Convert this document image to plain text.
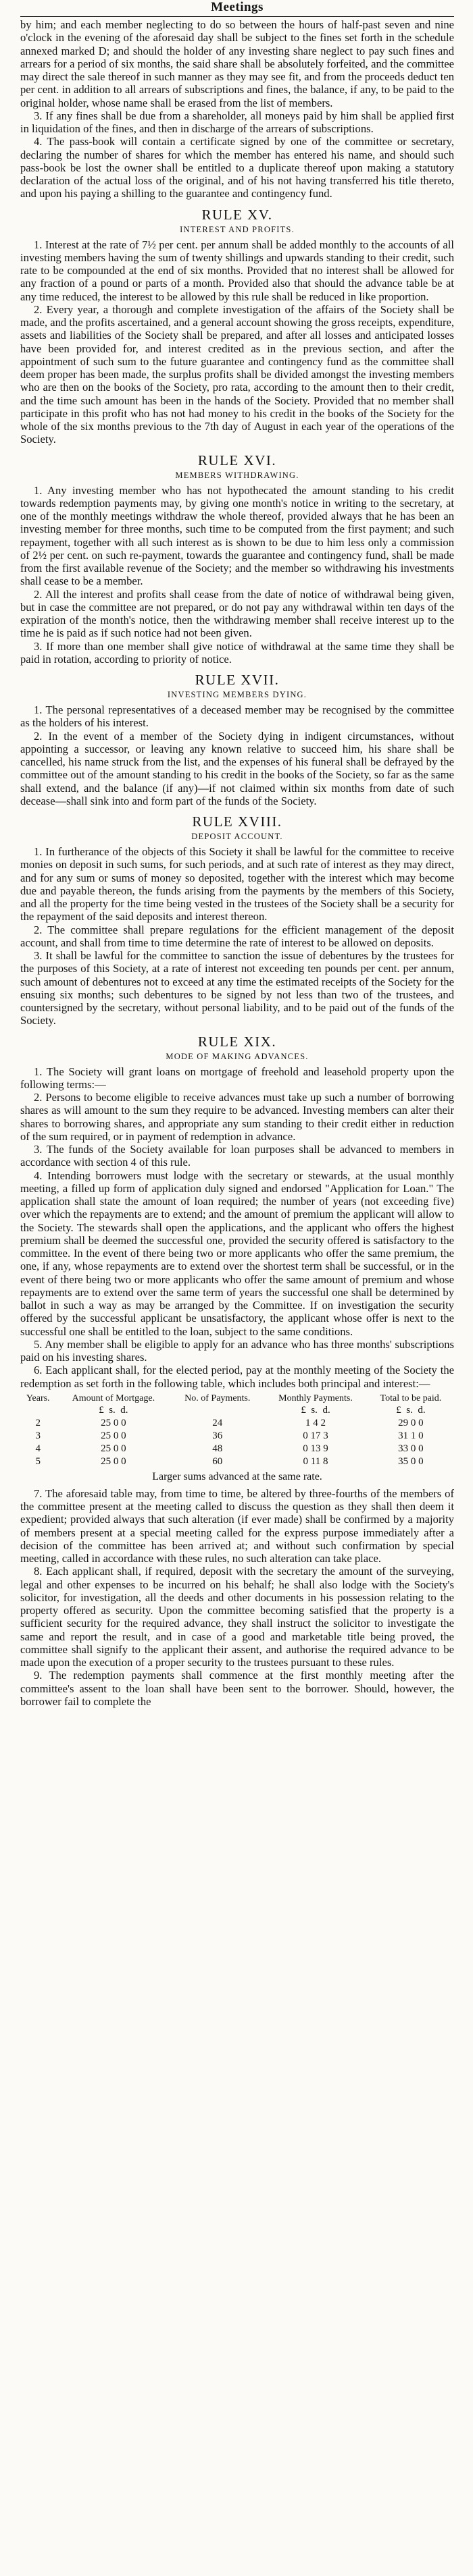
Meetings

by him; and each member neglecting to do so between the hours of half-past seven and nine o'clock in the evening of the aforesaid day shall be subject to the fines set forth in the schedule annexed marked D; and should the holder of any investing share neglect to pay such fines and arrears for a period of six months, the said share shall be absolutely forfeited, and the committee may direct the sale thereof in such manner as they may see fit, and from the proceeds deduct ten per cent. in addition to all arrears of subscriptions and fines, the balance, if any, to be paid to the original holder, whose name shall be erased from the list of members.

3. If any fines shall be due from a shareholder, all moneys paid by him shall be applied first in liquidation of the fines, and then in discharge of the arrears of subscriptions.

4. The pass-book will contain a certificate signed by one of the committee or secretary, declaring the number of shares for which the member has entered his name, and should such pass-book be lost the owner shall be entitled to a duplicate thereof upon making a statutory declaration of the actual loss of the original, and of his not having transferred his title thereto, and upon his paying a shilling to the guarantee and contingency fund.

RULE XV.
INTEREST AND PROFITS.

1. Interest at the rate of 7½ per cent. per annum shall be added monthly to the accounts of all investing members having the sum of twenty shillings and upwards standing to their credit, such rate to be compounded at the end of six months. Provided that no interest shall be allowed for any fraction of a pound or parts of a month. Provided also that should the advance table be at any time reduced, the interest to be allowed by this rule shall be reduced in like proportion.

2. Every year, a thorough and complete investigation of the affairs of the Society shall be made, and the profits ascertained, and a general account showing the gross receipts, expenditure, assets and liabilities of the Society shall be prepared, and after all losses and anticipated losses have been provided for, and interest credited as in the previous section, and after the appointment of such sum to the future guarantee and contingency fund as the committee shall deem proper has been made, the surplus profits shall be divided amongst the investing members who are then on the books of the Society, pro rata, according to the amount then to their credit, and the time such amount has been in the hands of the Society. Provided that no member shall participate in this profit who has not had money to his credit in the books of the Society for the whole of the six months previous to the 7th day of August in each year of the operations of the Society.

RULE XVI.
MEMBERS WITHDRAWING.

1. Any investing member who has not hypothecated the amount standing to his credit towards redemption payments may, by giving one month's notice in writing to the secretary, at one of the monthly meetings withdraw the whole thereof, provided always that he has been an investing member for three months, such time to be computed from the first payment; and such repayment, together with all such interest as is shown to be due to him less only a commission of 2½ per cent. on such re-payment, towards the guarantee and contingency fund, shall be made from the first available revenue of the Society; and the member so withdrawing his investments shall cease to be a member.

2. All the interest and profits shall cease from the date of notice of withdrawal being given, but in case the committee are not prepared, or do not pay any withdrawal within ten days of the expiration of the month's notice, then the withdrawing member shall receive interest up to the time he is paid as if such notice had not been given.

3. If more than one member shall give notice of withdrawal at the same time they shall be paid in rotation, according to priority of notice.

RULE XVII.
INVESTING MEMBERS DYING.

1. The personal representatives of a deceased member may be recognised by the committee as the holders of his interest.

2. In the event of a member of the Society dying in indigent circumstances, without appointing a successor, or leaving any known relative to succeed him, his share shall be cancelled, his name struck from the list, and the expenses of his funeral shall be defrayed by the committee out of the amount standing to his credit in the books of the Society, so far as the same shall extend, and the balance (if any)—if not claimed within six months from date of such decease—shall sink into and form part of the funds of the Society.

RULE XVIII.
DEPOSIT ACCOUNT.

1. In furtherance of the objects of this Society it shall be lawful for the committee to receive monies on deposit in such sums, for such periods, and at such rate of interest as they may direct, and for any sum or sums of money so deposited, together with the interest which may become due and payable thereon, the funds arising from the payments by the members of this Society, and all the property for the time being vested in the trustees of the Society shall be a security for the repayment of the said deposits and interest thereon.

2. The committee shall prepare regulations for the efficient management of the deposit account, and shall from time to time determine the rate of interest to be allowed on deposits.

3. It shall be lawful for the committee to sanction the issue of debentures by the trustees for the purposes of this Society, at a rate of interest not exceeding ten pounds per cent. per annum, such amount of debentures not to exceed at any time the estimated receipts of the Society for the ensuing six months; such debentures to be signed by not less than two of the trustees, and countersigned by the secretary, without personal liability, and to be paid out of the funds of the Society.

RULE XIX.
MODE OF MAKING ADVANCES.

1. The Society will grant loans on mortgage of freehold and leasehold property upon the following terms:—

2. Persons to become eligible to receive advances must take up such a number of borrowing shares as will amount to the sum they require to be advanced. Investing members can alter their shares to borrowing shares, and appropriate any sum standing to their credit either in reduction of the sum required, or in payment of redemption in advance.

3. The funds of the Society available for loan purposes shall be advanced to members in accordance with section 4 of this rule.

4. Intending borrowers must lodge with the secretary or stewards, at the usual monthly meeting, a filled up form of application duly signed and endorsed "Application for Loan." The application shall state the amount of loan required; the number of years (not exceeding five) over which the repayments are to extend; and the amount of premium the applicant will allow to the Society. The stewards shall open the applications, and the applicant who offers the highest premium shall be deemed the successful one, provided the security offered is satisfactory to the committee. In the event of there being two or more applicants who offer the same premium, the one, if any, whose repayments are to extend over the shortest term shall be successful, or in the event of there being two or more applicants who offer the same amount of premium and whose repayments are to extend over the same term of years the successful one shall be determined by ballot in such a way as may be arranged by the Committee. If on investigation the security offered by the successful applicant be unsatisfactory, the applicant whose offer is next to the successful one shall be entitled to the loan, subject to the same conditions.

5. Any member shall be eligible to apply for an advance who has three months' subscriptions paid on his investing shares.

6. Each applicant shall, for the elected period, pay at the monthly meeting of the Society the redemption as set forth in the following table, which includes both principal and interest:—

Years.	Amount of Mortgage.	No. of Payments.	Monthly Payments.	Total to be paid.
	£ s. d.		£ s. d.	£ s. d.
2	25 0 0	24	1 4 2	29 0 0
3	25 0 0	36	0 17 3	31 1 0
4	25 0 0	48	0 13 9	33 0 0
5	25 0 0	60	0 11 8	35 0 0
Larger sums advanced at the same rate.

7. The aforesaid table may, from time to time, be altered by three-fourths of the members of the committee present at the meeting called to discuss the question as they shall then deem it expedient; provided always that such alteration (if ever made) shall be confirmed by a majority of members present at a special meeting called for the express purpose immediately after a decision of the committee has been arrived at; and without such confirmation by special meeting, called in accordance with these rules, no such alteration can take place.

8. Each applicant shall, if required, deposit with the secretary the amount of the surveying, legal and other expenses to be incurred on his behalf; he shall also lodge with the Society's solicitor, for investigation, all the deeds and other documents in his possession relating to the property offered as security. Upon the committee becoming satisfied that the property is a sufficient security for the required advance, they shall instruct the solicitor to investigate the same and report the result, and in case of a good and marketable title being proved, the committee shall signify to the applicant their assent, and authorise the required advance to be made upon the execution of a proper security to the trustees pursuant to these rules.

9. The redemption payments shall commence at the first monthly meeting after the committee's assent to the loan shall have been sent to the borrower. Should, however, the borrower fail to complete the
